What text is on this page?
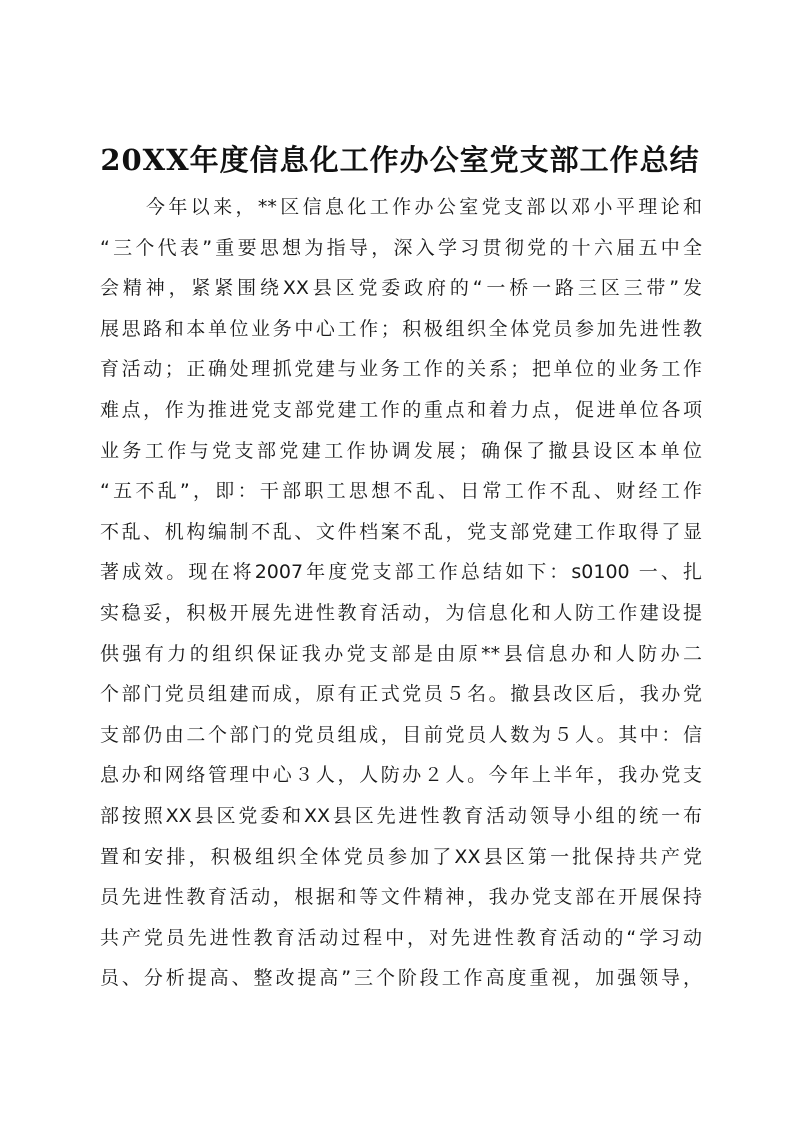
20XX年度信息化工作办公室党支部工作总结
今年以来，**区信息化工作办公室党支部以邓小平理论和
“三个代表”重要思想为指导，深入学习贯彻党的十六届五中全
会精神，紧紧围绕XX县区党委政府的“一桥一路三区三带”发
展思路和本单位业务中心工作；积极组织全体党员参加先进性教
育活动；正确处理抓党建与业务工作的关系；把单位的业务工作
难点，作为推进党支部党建工作的重点和着力点，促进单位各项
业务工作与党支部党建工作协调发展；确保了撤县设区本单位
“五不乱”，即：干部职工思想不乱、日常工作不乱、财经工作
不乱、机构编制不乱、文件档案不乱，党支部党建工作取得了显
著成效。现在将2007年度党支部工作总结如下：s0100 一、扎
实稳妥，积极开展先进性教育活动，为信息化和人防工作建设提
供强有力的组织保证我办党支部是由原**县信息办和人防办二
个部门党员组建而成，原有正式党员５名。撤县改区后，我办党
支部仍由二个部门的党员组成，目前党员人数为５人。其中：信
息办和网络管理中心３人，人防办２人。今年上半年，我办党支
部按照XX县区党委和XX县区先进性教育活动领导小组的统一布
置和安排，积极组织全体党员参加了XX县区第一批保持共产党
员先进性教育活动，根据和等文件精神，我办党支部在开展保持
共产党员先进性教育活动过程中，对先进性教育活动的“学习动
员、分析提高、整改提高”三个阶段工作高度重视，加强领导，
